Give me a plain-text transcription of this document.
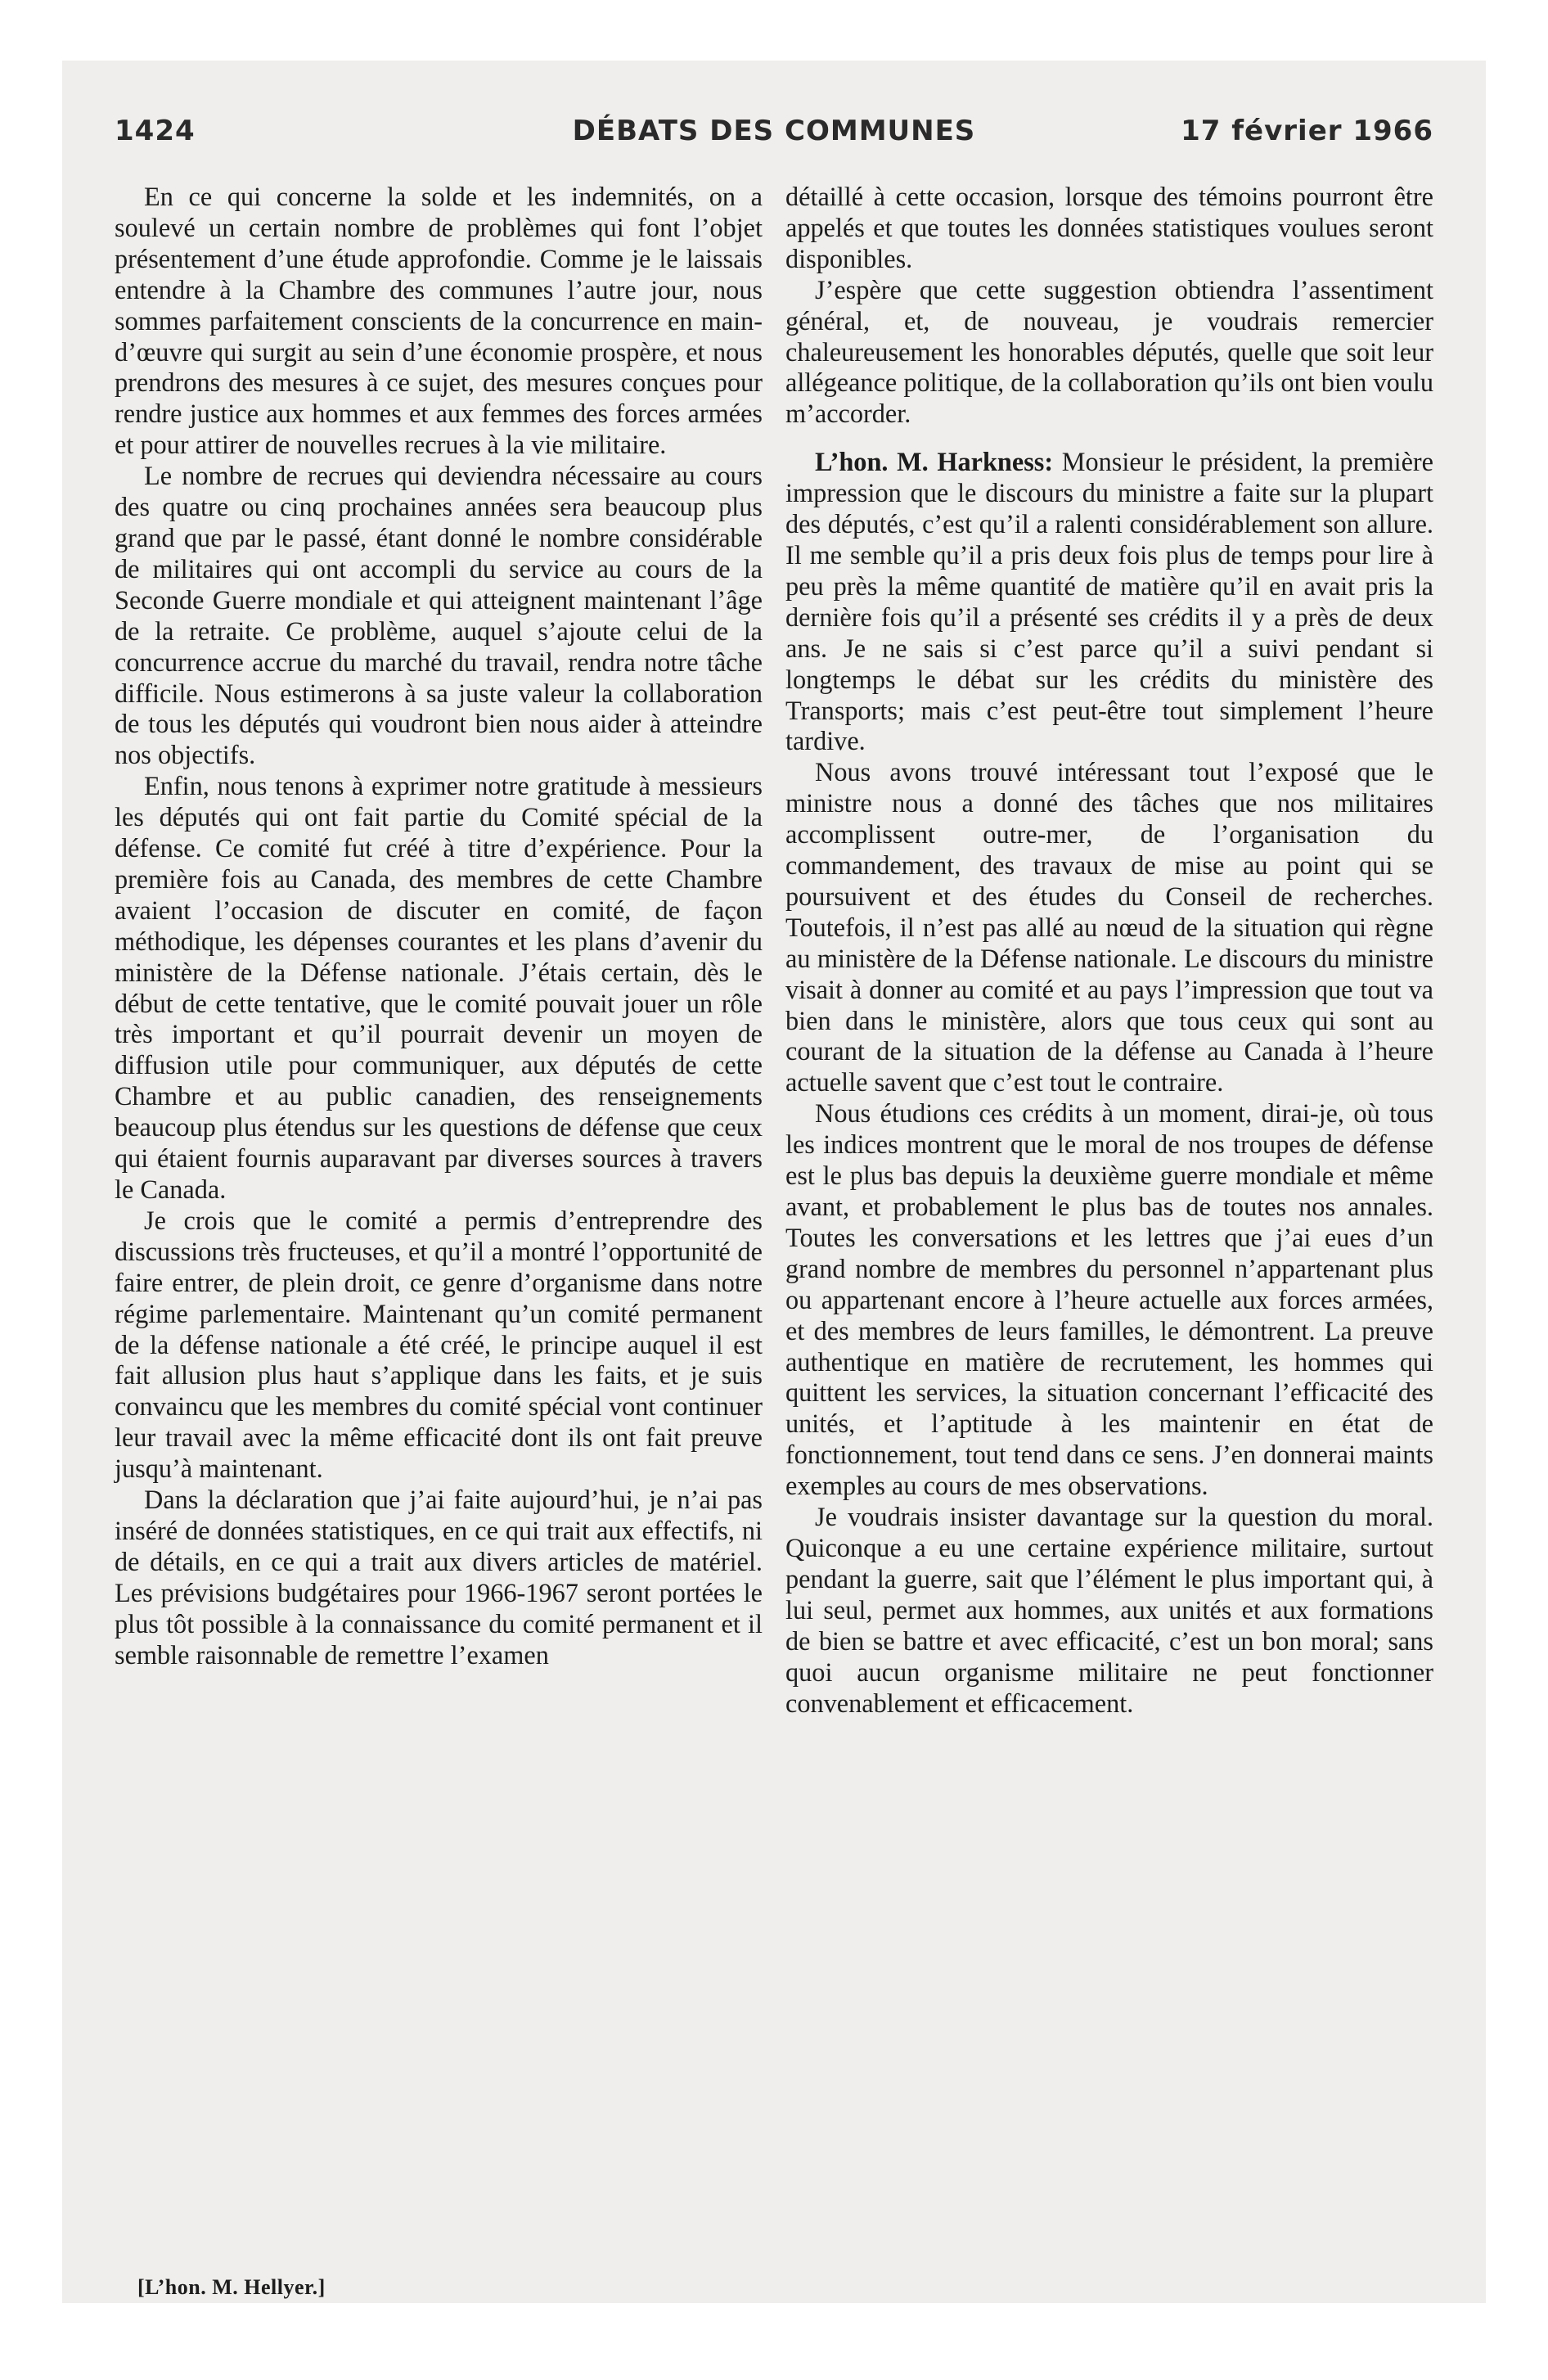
1424	DÉBATS DES COMMUNES	17 février 1966

En ce qui concerne la solde et les indemnités, on a soulevé un certain nombre de problèmes qui font l’objet présentement d’une étude approfondie. Comme je le laissais entendre à la Chambre des communes l’autre jour, nous sommes parfaitement conscients de la concurrence en main-d’œuvre qui surgit au sein d’une économie prospère, et nous prendrons des mesures à ce sujet, des mesures conçues pour rendre justice aux hommes et aux femmes des forces armées et pour attirer de nouvelles recrues à la vie militaire.

Le nombre de recrues qui deviendra nécessaire au cours des quatre ou cinq prochaines années sera beaucoup plus grand que par le passé, étant donné le nombre considérable de militaires qui ont accompli du service au cours de la Seconde Guerre mondiale et qui atteignent maintenant l’âge de la retraite. Ce problème, auquel s’ajoute celui de la concurrence accrue du marché du travail, rendra notre tâche difficile. Nous estimerons à sa juste valeur la collaboration de tous les députés qui voudront bien nous aider à atteindre nos objectifs.

Enfin, nous tenons à exprimer notre gratitude à messieurs les députés qui ont fait partie du Comité spécial de la défense. Ce comité fut créé à titre d’expérience. Pour la première fois au Canada, des membres de cette Chambre avaient l’occasion de discuter en comité, de façon méthodique, les dépenses courantes et les plans d’avenir du ministère de la Défense nationale. J’étais certain, dès le début de cette tentative, que le comité pouvait jouer un rôle très important et qu’il pourrait devenir un moyen de diffusion utile pour communiquer, aux députés de cette Chambre et au public canadien, des renseignements beaucoup plus étendus sur les questions de défense que ceux qui étaient fournis auparavant par diverses sources à travers le Canada.

Je crois que le comité a permis d’entreprendre des discussions très fructeuses, et qu’il a montré l’opportunité de faire entrer, de plein droit, ce genre d’organisme dans notre régime parlementaire. Maintenant qu’un comité permanent de la défense nationale a été créé, le principe auquel il est fait allusion plus haut s’applique dans les faits, et je suis convaincu que les membres du comité spécial vont continuer leur travail avec la même efficacité dont ils ont fait preuve jusqu’à maintenant.

Dans la déclaration que j’ai faite aujourd’hui, je n’ai pas inséré de données statistiques, en ce qui trait aux effectifs, ni de détails, en ce qui a trait aux divers articles de matériel. Les prévisions budgétaires pour 1966-1967 seront portées le plus tôt possible à la connaissance du comité permanent et il semble raisonnable de remettre l’examen

détaillé à cette occasion, lorsque des témoins pourront être appelés et que toutes les données statistiques voulues seront disponibles.

J’espère que cette suggestion obtiendra l’assentiment général, et, de nouveau, je voudrais remercier chaleureusement les honorables députés, quelle que soit leur allégeance politique, de la collaboration qu’ils ont bien voulu m’accorder.

L’hon. M. Harkness: Monsieur le président, la première impression que le discours du ministre a faite sur la plupart des députés, c’est qu’il a ralenti considérablement son allure. Il me semble qu’il a pris deux fois plus de temps pour lire à peu près la même quantité de matière qu’il en avait pris la dernière fois qu’il a présenté ses crédits il y a près de deux ans. Je ne sais si c’est parce qu’il a suivi pendant si longtemps le débat sur les crédits du ministère des Transports; mais c’est peut-être tout simplement l’heure tardive.

Nous avons trouvé intéressant tout l’exposé que le ministre nous a donné des tâches que nos militaires accomplissent outre-mer, de l’organisation du commandement, des travaux de mise au point qui se poursuivent et des études du Conseil de recherches. Toutefois, il n’est pas allé au nœud de la situation qui règne au ministère de la Défense nationale. Le discours du ministre visait à donner au comité et au pays l’impression que tout va bien dans le ministère, alors que tous ceux qui sont au courant de la situation de la défense au Canada à l’heure actuelle savent que c’est tout le contraire.

Nous étudions ces crédits à un moment, dirai-je, où tous les indices montrent que le moral de nos troupes de défense est le plus bas depuis la deuxième guerre mondiale et même avant, et probablement le plus bas de toutes nos annales. Toutes les conversations et les lettres que j’ai eues d’un grand nombre de membres du personnel n’appartenant plus ou appartenant encore à l’heure actuelle aux forces armées, et des membres de leurs familles, le démontrent. La preuve authentique en matière de recrutement, les hommes qui quittent les services, la situation concernant l’efficacité des unités, et l’aptitude à les maintenir en état de fonctionnement, tout tend dans ce sens. J’en donnerai maints exemples au cours de mes observations.

Je voudrais insister davantage sur la question du moral. Quiconque a eu une certaine expérience militaire, surtout pendant la guerre, sait que l’élément le plus important qui, à lui seul, permet aux hommes, aux unités et aux formations de bien se battre et avec efficacité, c’est un bon moral; sans quoi aucun organisme militaire ne peut fonctionner convenablement et efficacement.

[L’hon. M. Hellyer.]
